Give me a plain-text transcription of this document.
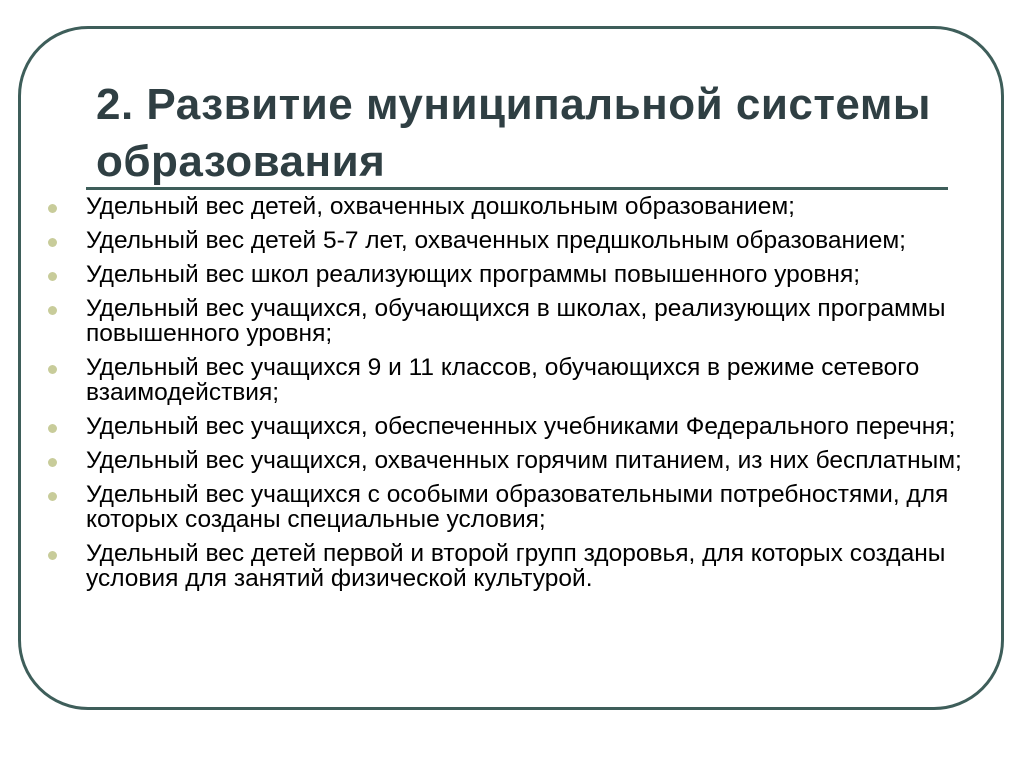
2. Развитие муниципальной системы образования
Удельный вес детей, охваченных дошкольным образованием;
Удельный вес детей 5-7 лет, охваченных предшкольным образованием;
Удельный вес школ реализующих программы повышенного уровня;
Удельный вес учащихся, обучающихся в школах, реализующих программы повышенного уровня;
Удельный вес учащихся 9 и 11 классов, обучающихся в режиме сетевого взаимодействия;
Удельный вес учащихся, обеспеченных учебниками Федерального перечня;
Удельный вес учащихся, охваченных горячим питанием, из них бесплатным;
Удельный вес учащихся с особыми образовательными потребностями, для которых созданы специальные условия;
Удельный вес детей первой и второй групп здоровья, для которых созданы условия для занятий физической культурой.
